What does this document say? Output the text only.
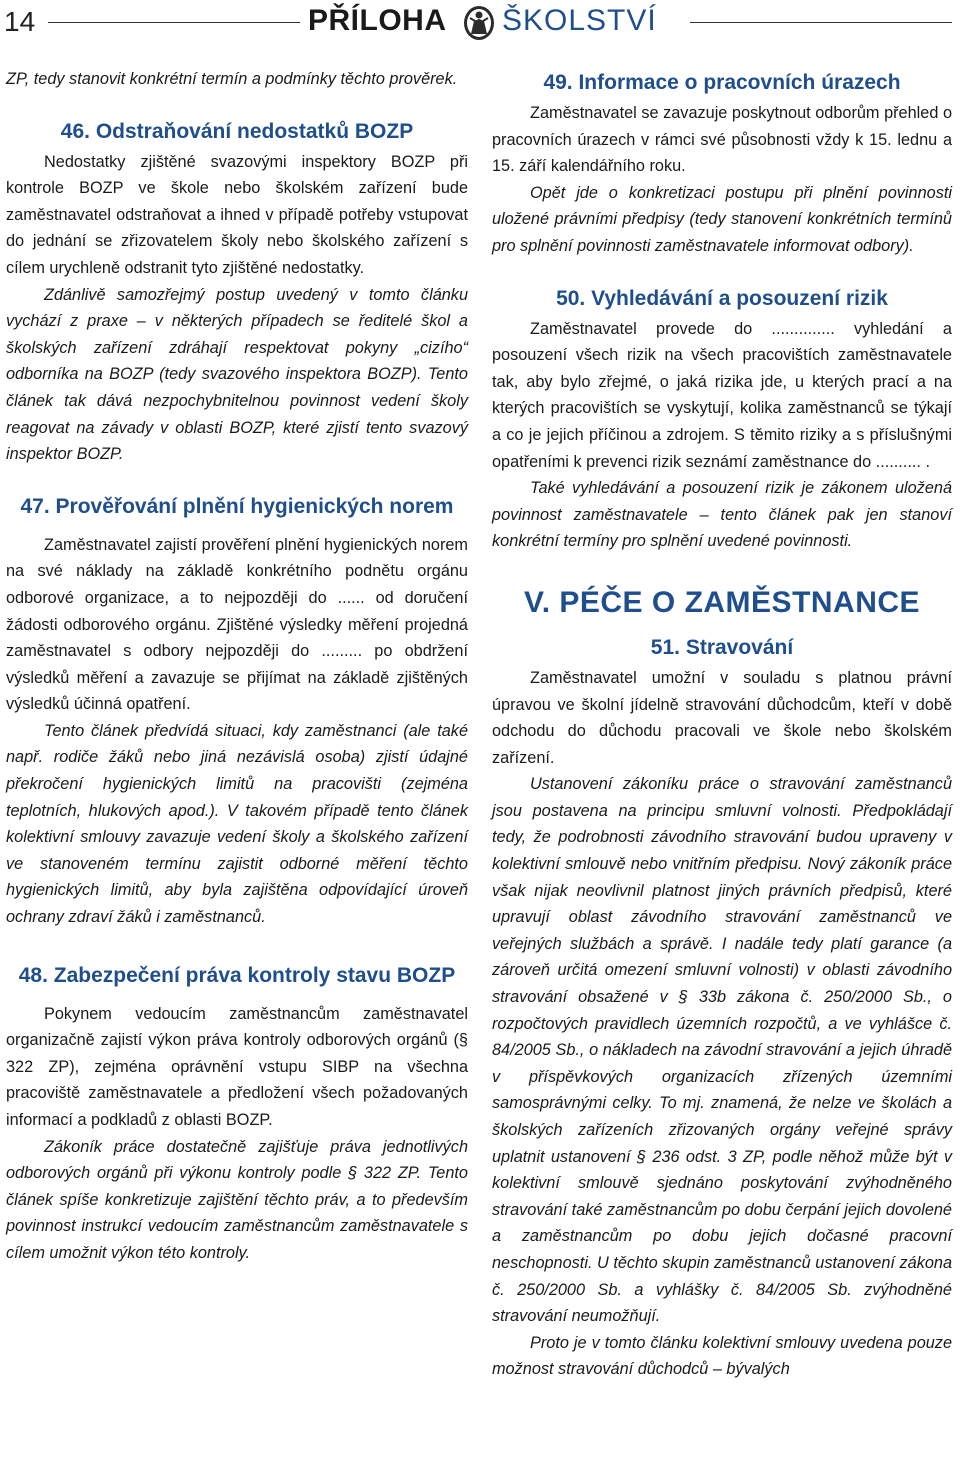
14	PŘÍLOHA ŠKOLSTVÍ

ZP, tedy stanovit konkrétní termín a podmínky těchto prověrek.

46. Odstraňování nedostatků BOZP

Nedostatky zjištěné svazovými inspektory BOZP při kontrole BOZP ve škole nebo školském zařízení bude zaměstnavatel odstraňovat a ihned v případě potřeby vstupovat do jednání se zřizovatelem školy nebo školského zařízení s cílem urychleně odstranit tyto zjištěné nedostatky.

Zdánlivě samozřejmý postup uvedený v tomto článku vychází z praxe – v některých případech se ředitelé škol a školských zařízení zdráhají respektovat pokyny „cizího“ odborníka na BOZP (tedy svazového inspektora BOZP). Tento článek tak dává nezpochybnitelnou povinnost vedení školy reagovat na závady v oblasti BOZP, které zjistí tento svazový inspektor BOZP.

47. Prověřování plnění hygienických norem

Zaměstnavatel zajistí prověření plnění hygienických norem na své náklady na základě konkrétního podnětu orgánu odborové organizace, a to nejpozději do ...... od doručení žádosti odborového orgánu. Zjištěné výsledky měření projedná zaměstnavatel s odbory nejpozději do ......... po obdržení výsledků měření a zavazuje se přijímat na základě zjištěných výsledků účinná opatření.

Tento článek předvídá situaci, kdy zaměstnanci (ale také např. rodiče žáků nebo jiná nezávislá osoba) zjistí údajné překročení hygienických limitů na pracovišti (zejména teplotních, hlukových apod.). V takovém případě tento článek kolektivní smlouvy zavazuje vedení školy a školského zařízení ve stanoveném termínu zajistit odborné měření těchto hygienických limitů, aby byla zajištěna odpovídající úroveň ochrany zdraví žáků i zaměstnanců.

48. Zabezpečení práva kontroly stavu BOZP

Pokynem vedoucím zaměstnancům zaměstnavatel organizačně zajistí výkon práva kontroly odborových orgánů (§ 322 ZP), zejména oprávnění vstupu SIBP na všechna pracoviště zaměstnavatele a předložení všech požadovaných informací a podkladů z oblasti BOZP.

Zákoník práce dostatečně zajišťuje práva jednotlivých odborových orgánů při výkonu kontroly podle § 322 ZP. Tento článek spíše konkretizuje zajištění těchto práv, a to především povinnost instrukcí vedoucím zaměstnancům zaměstnavatele s cílem umožnit výkon této kontroly.

49. Informace o pracovních úrazech

Zaměstnavatel se zavazuje poskytnout odborům přehled o pracovních úrazech v rámci své působnosti vždy k 15. lednu a 15. září kalendářního roku.

Opět jde o konkretizaci postupu při plnění povinnosti uložené právními předpisy (tedy stanovení konkrétních termínů pro splnění povinnosti zaměstnavatele informovat odbory).

50. Vyhledávání a posouzení rizik

Zaměstnavatel provede do .............. vyhledání a posouzení všech rizik na všech pracovištích zaměstnavatele tak, aby bylo zřejmé, o jaká rizika jde, u kterých prací a na kterých pracovištích se vyskytují, kolika zaměstnanců se týkají a co je jejich příčinou a zdrojem. S těmito riziky a s příslušnými opatřeními k prevenci rizik seznámí zaměstnance do .......... .

Také vyhledávání a posouzení rizik je zákonem uložená povinnost zaměstnavatele – tento článek pak jen stanoví konkrétní termíny pro splnění uvedené povinnosti.

V. PÉČE O ZAMĚSTNANCE
51. Stravování

Zaměstnavatel umožní v souladu s platnou právní úpravou ve školní jídelně stravování důchodcům, kteří v době odchodu do důchodu pracovali ve škole nebo školském zařízení.

Ustanovení zákoníku práce o stravování zaměstnanců jsou postavena na principu smluvní volnosti. Předpokládají tedy, že podrobnosti závodního stravování budou upraveny v kolektivní smlouvě nebo vnitřním předpisu. Nový zákoník práce však nijak neovlivnil platnost jiných právních předpisů, které upravují oblast závodního stravování zaměstnanců ve veřejných službách a správě. I nadále tedy platí garance (a zároveň určitá omezení smluvní volnosti) v oblasti závodního stravování obsažené v § 33b zákona č. 250/2000 Sb., o rozpočtových pravidlech územních rozpočtů, a ve vyhlášce č. 84/2005 Sb., o nákladech na závodní stravování a jejich úhradě v příspěvkových organizacích zřízených územními samosprávnými celky. To mj. znamená, že nelze ve školách a školských zařízeních zřizovaných orgány veřejné správy uplatnit ustanovení § 236 odst. 3 ZP, podle něhož může být v kolektivní smlouvě sjednáno poskytování zvýhodněného stravování také zaměstnancům po dobu čerpání jejich dovolené a zaměstnancům po dobu jejich dočasné pracovní neschopnosti. U těchto skupin zaměstnanců ustanovení zákona č. 250/2000 Sb. a vyhlášky č. 84/2005 Sb. zvýhodněné stravování neumožňují.

Proto je v tomto článku kolektivní smlouvy uvedena pouze možnost stravování důchodců – bývalých
